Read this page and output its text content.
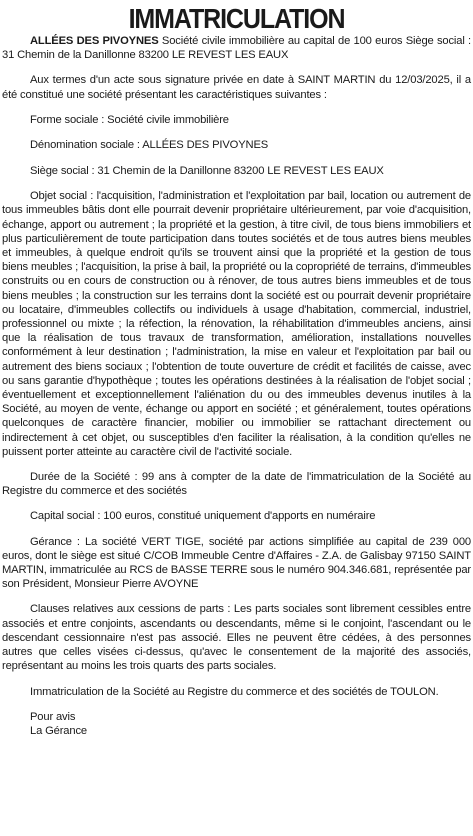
IMMATRICULATION

ALLÉES DES PIVOYNES Société civile immobilière au capital de 100 euros Siège social : 31 Chemin de la Danillonne 83200 LE REVEST LES EAUX

Aux termes d'un acte sous signature privée en date à SAINT MARTIN du 12/03/2025, il a été constitué une société présentant les caractéristiques suivantes :

Forme sociale : Société civile immobilière

Dénomination sociale : ALLÉES DES PIVOYNES

Siège social : 31 Chemin de la Danillonne 83200 LE REVEST LES EAUX

Objet social : l'acquisition, l'administration et l'exploitation par bail, location ou autrement de tous immeubles bâtis dont elle pourrait devenir propriétaire ultérieurement, par voie d'acquisition, échange, apport ou autrement ; la propriété et la gestion, à titre civil, de tous biens immobiliers et plus particulièrement de toute participation dans toutes sociétés et de tous autres biens meubles et immeubles, à quelque endroit qu'ils se trouvent ainsi que la propriété et la gestion de tous biens meubles ; l'acquisition, la prise à bail, la propriété ou la copropriété de terrains, d'immeubles construits ou en cours de construction ou à rénover, de tous autres biens immeubles et de tous biens meubles ; la construction sur les terrains dont la société est ou pourrait devenir propriétaire ou locataire, d'immeubles collectifs ou individuels à usage d'habitation, commercial, industriel, professionnel ou mixte ; la réfection, la rénovation, la réhabilitation d'immeubles anciens, ainsi que la réalisation de tous travaux de transformation, amélioration, installations nouvelles conformément à leur destination ; l'administration, la mise en valeur et l'exploitation par bail ou autrement des biens sociaux ; l'obtention de toute ouverture de crédit et facilités de caisse, avec ou sans garantie d'hypothèque ; toutes les opérations destinées à la réalisation de l'objet social ; éventuellement et exceptionnellement l'aliénation du ou des immeubles devenus inutiles à la Société, au moyen de vente, échange ou apport en société ; et généralement, toutes opérations quelconques de caractère financier, mobilier ou immobilier se rattachant directement ou indirectement à cet objet, ou susceptibles d'en faciliter la réalisation, à la condition qu'elles ne puissent porter atteinte au caractère civil de l'activité sociale.

Durée de la Société : 99 ans à compter de la date de l'immatriculation de la Société au Registre du commerce et des sociétés

Capital social : 100 euros, constitué uniquement d'apports en numéraire

Gérance : La société VERT TIGE, société par actions simplifiée au capital de 239 000 euros, dont le siège est situé C/COB Immeuble Centre d'Affaires - Z.A. de Galisbay 97150 SAINT MARTIN, immatriculée au RCS de BASSE TERRE sous le numéro 904.346.681, représentée par son Président, Monsieur Pierre AVOYNE

Clauses relatives aux cessions de parts : Les parts sociales sont librement cessibles entre associés et entre conjoints, ascendants ou descendants, même si le conjoint, l'ascendant ou le descendant cessionnaire n'est pas associé. Elles ne peuvent être cédées, à des personnes autres que celles visées ci-dessus, qu'avec le consentement de la majorité des associés, représentant au moins les trois quarts des parts sociales.

Immatriculation de la Société au Registre du commerce et des sociétés de TOULON.

Pour avis

La Gérance
